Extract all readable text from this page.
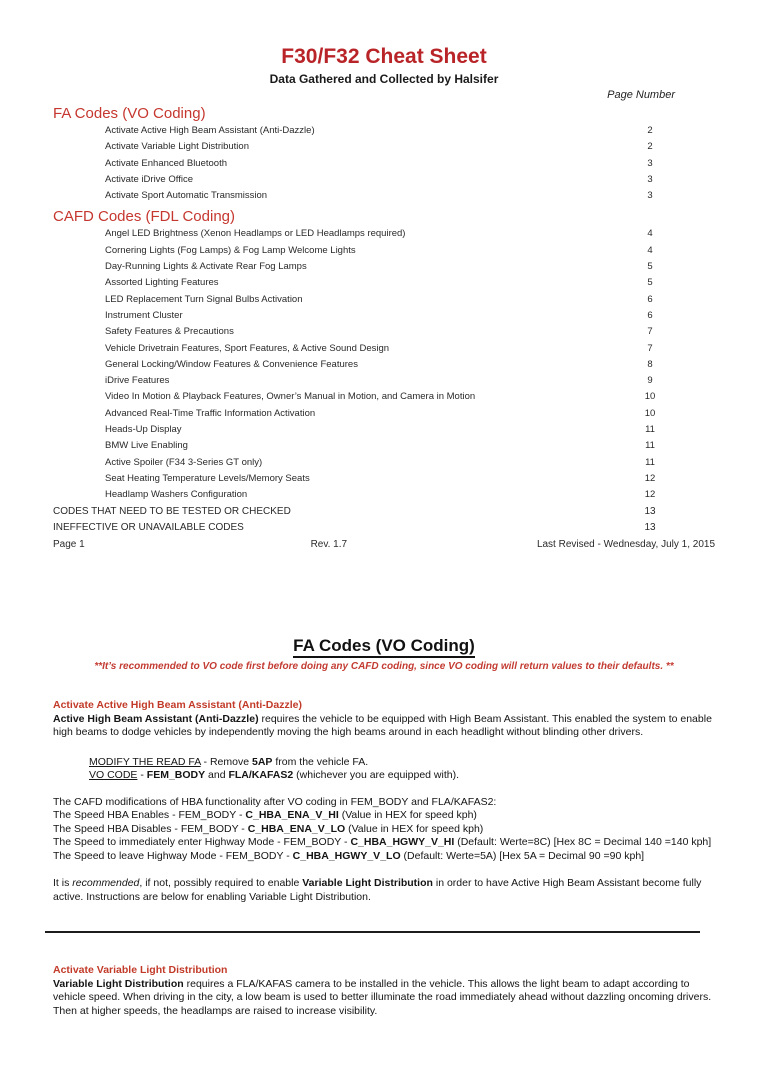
F30/F32 Cheat Sheet
Data Gathered and Collected by Halsifer
Page Number
FA Codes (VO Coding)
Activate Active High Beam Assistant (Anti-Dazzle)	2
Activate Variable Light Distribution	2
Activate Enhanced Bluetooth	3
Activate iDrive Office	3
Activate Sport Automatic Transmission	3
CAFD Codes (FDL Coding)
Angel LED Brightness (Xenon Headlamps or LED Headlamps required)	4
Cornering Lights (Fog Lamps) & Fog Lamp Welcome Lights	4
Day-Running Lights & Activate Rear Fog Lamps	5
Assorted Lighting Features	5
LED Replacement Turn Signal Bulbs Activation	6
Instrument Cluster	6
Safety Features & Precautions	7
Vehicle Drivetrain Features, Sport Features, & Active Sound Design	7
General Locking/Window Features & Convenience Features	8
iDrive Features	9
Video In Motion & Playback Features, Owner’s Manual in Motion, and Camera in Motion	10
Advanced Real-Time Traffic Information Activation	10
Heads-Up Display	11
BMW Live Enabling	11
Active Spoiler (F34 3-Series GT only)	11
Seat Heating Temperature Levels/Memory Seats	12
Headlamp Washers Configuration	12
CODES THAT NEED TO BE TESTED OR CHECKED	13
INEFFECTIVE OR UNAVAILABLE CODES	13
Page 1	Rev. 1.7	Last Revised - Wednesday, July 1, 2015
FA Codes (VO Coding)
**It’s recommended to VO code first before doing any CAFD coding, since VO coding will return values to their defaults. **
Activate Active High Beam Assistant (Anti-Dazzle)
Active High Beam Assistant (Anti-Dazzle) requires the vehicle to be equipped with High Beam Assistant. This enabled the system to enable high beams to dodge vehicles by independently moving the high beams around in each headlight without blinding other drivers.
MODIFY THE READ FA - Remove 5AP from the vehicle FA.
VO CODE - FEM_BODY and FLA/KAFAS2 (whichever you are equipped with).
The CAFD modifications of HBA functionality after VO coding in FEM_BODY and FLA/KAFAS2:
The Speed HBA Enables - FEM_BODY - C_HBA_ENA_V_HI (Value in HEX for speed kph)
The Speed HBA Disables - FEM_BODY - C_HBA_ENA_V_LO (Value in HEX for speed kph)
The Speed to immediately enter Highway Mode - FEM_BODY - C_HBA_HGWY_V_HI (Default: Werte=8C) [Hex 8C = Decimal 140 =140 kph]
The Speed to leave Highway Mode - FEM_BODY - C_HBA_HGWY_V_LO (Default: Werte=5A) [Hex 5A = Decimal 90 =90 kph]
It is recommended, if not, possibly required to enable Variable Light Distribution in order to have Active High Beam Assistant become fully active. Instructions are below for enabling Variable Light Distribution.
Activate Variable Light Distribution
Variable Light Distribution requires a FLA/KAFAS camera to be installed in the vehicle. This allows the light beam to adapt according to vehicle speed. When driving in the city, a low beam is used to better illuminate the road immediately ahead without dazzling oncoming drivers. Then at higher speeds, the headlamps are raised to increase visibility.
